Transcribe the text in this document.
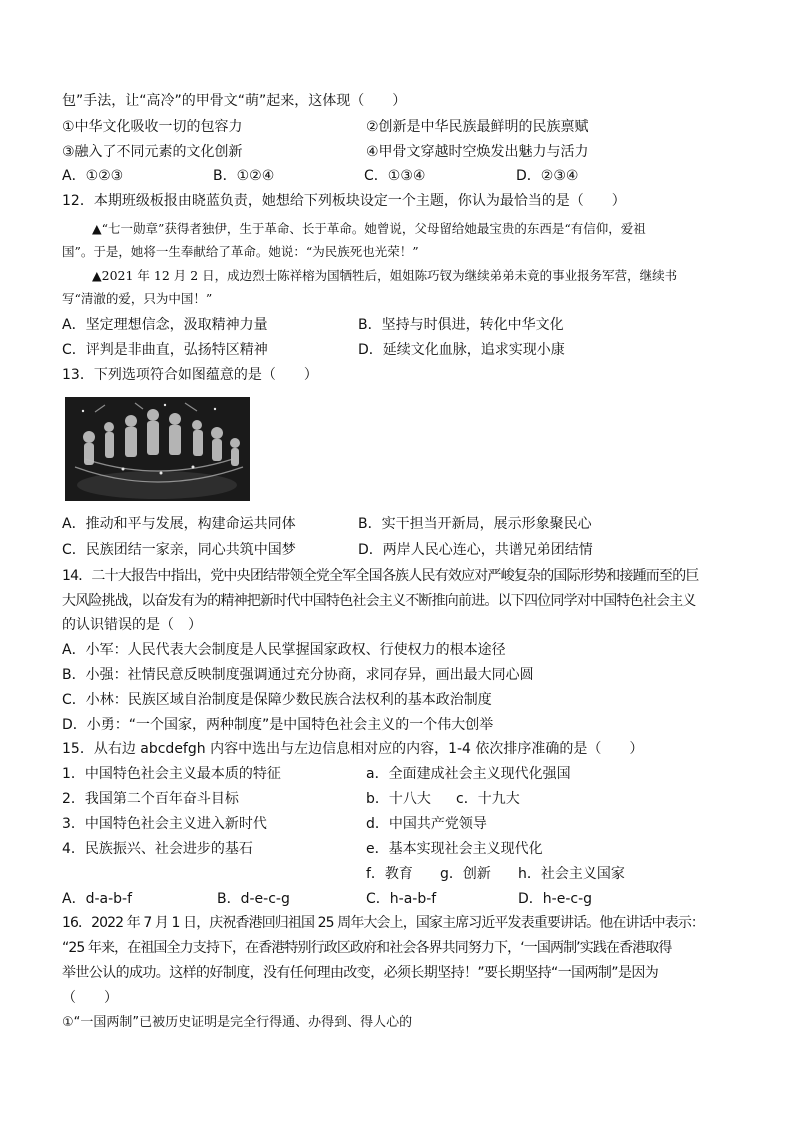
包”手法，让“高冷”的甲骨文“萌”起来，这体现（　　）
①中华文化吸收一切的包容力	②创新是中华民族最鲜明的民族禀赋
③融入了不同元素的文化创新	④甲骨文穿越时空焕发出魅力与活力
A．①②③	B．①②④	C．①③④	D．②③④
12．本期班级板报由晓蓝负责，她想给下列板块设定一个主题，你认为最恰当的是（　　）
▲“七一勋章”获得者独伊，生于革命、长于革命。她曾说，父母留给她最宝贵的东西是“有信仰，爱祖
国”。于是，她将一生奉献给了革命。她说：“为民族死也光荣！”
▲2021 年 12 月 2 日，成边烈士陈祥榕为国牺牲后，姐姐陈巧钗为继续弟弟未竟的事业报务军营，继续书
写“清澈的爱，只为中国！”
A．坚定理想信念，汲取精神力量	B．坚持与时俱进，转化中华文化
C．评判是非曲直，弘扬特区精神	D．延续文化血脉，追求实现小康
13．下列选项符合如图蕴意的是（　　）
A．推动和平与发展，构建命运共同体	B．实干担当开新局，展示形象聚民心
C．民族团结一家亲，同心共筑中国梦	D．两岸人民心连心，共谱兄弟团结情
14．二十大报告中指出，党中央团结带领全党全军全国各族人民有效应对严峻复杂的国际形势和接踵而至的巨
大风险挑战，以奋发有为的精神把新时代中国特色社会主义不断推向前进。以下四位同学对中国特色社会主义
的认识错误的是（　）
A．小军：人民代表大会制度是人民掌握国家政权、行使权力的根本途径
B．小强：社情民意反映制度强调通过充分协商，求同存异，画出最大同心圆
C．小林：民族区域自治制度是保障少数民族合法权利的基本政治制度
D．小勇：“一个国家，两种制度”是中国特色社会主义的一个伟大创举
15．从右边 abcdefgh 内容中选出与左边信息相对应的内容，1-4 依次排序准确的是（　　）
1．中国特色社会主义最本质的特征	a．全面建成社会主义现代化强国
2．我国第二个百年奋斗目标	b．十八大 c．十九大
3．中国特色社会主义进入新时代	d．中国共产党领导
4．民族振兴、社会进步的基石	e．基本实现社会主义现代化
f．教育 g．创新 h．社会主义国家
A．d-a-b-f	B．d-e-c-g	C．h-a-b-f	D．h-e-c-g
16．2022 年 7 月 1 日，庆祝香港回归祖国 25 周年大会上，国家主席习近平发表重要讲话。他在讲话中表示：
“25 年来，在祖国全力支持下，在香港特别行政区政府和社会各界共同努力下，‘一国两制’实践在香港取得
举世公认的成功。这样的好制度，没有任何理由改变，必须长期坚持！”要长期坚持“一国两制”是因为
（　　）
①“一国两制”已被历史证明是完全行得通、办得到、得人心的
